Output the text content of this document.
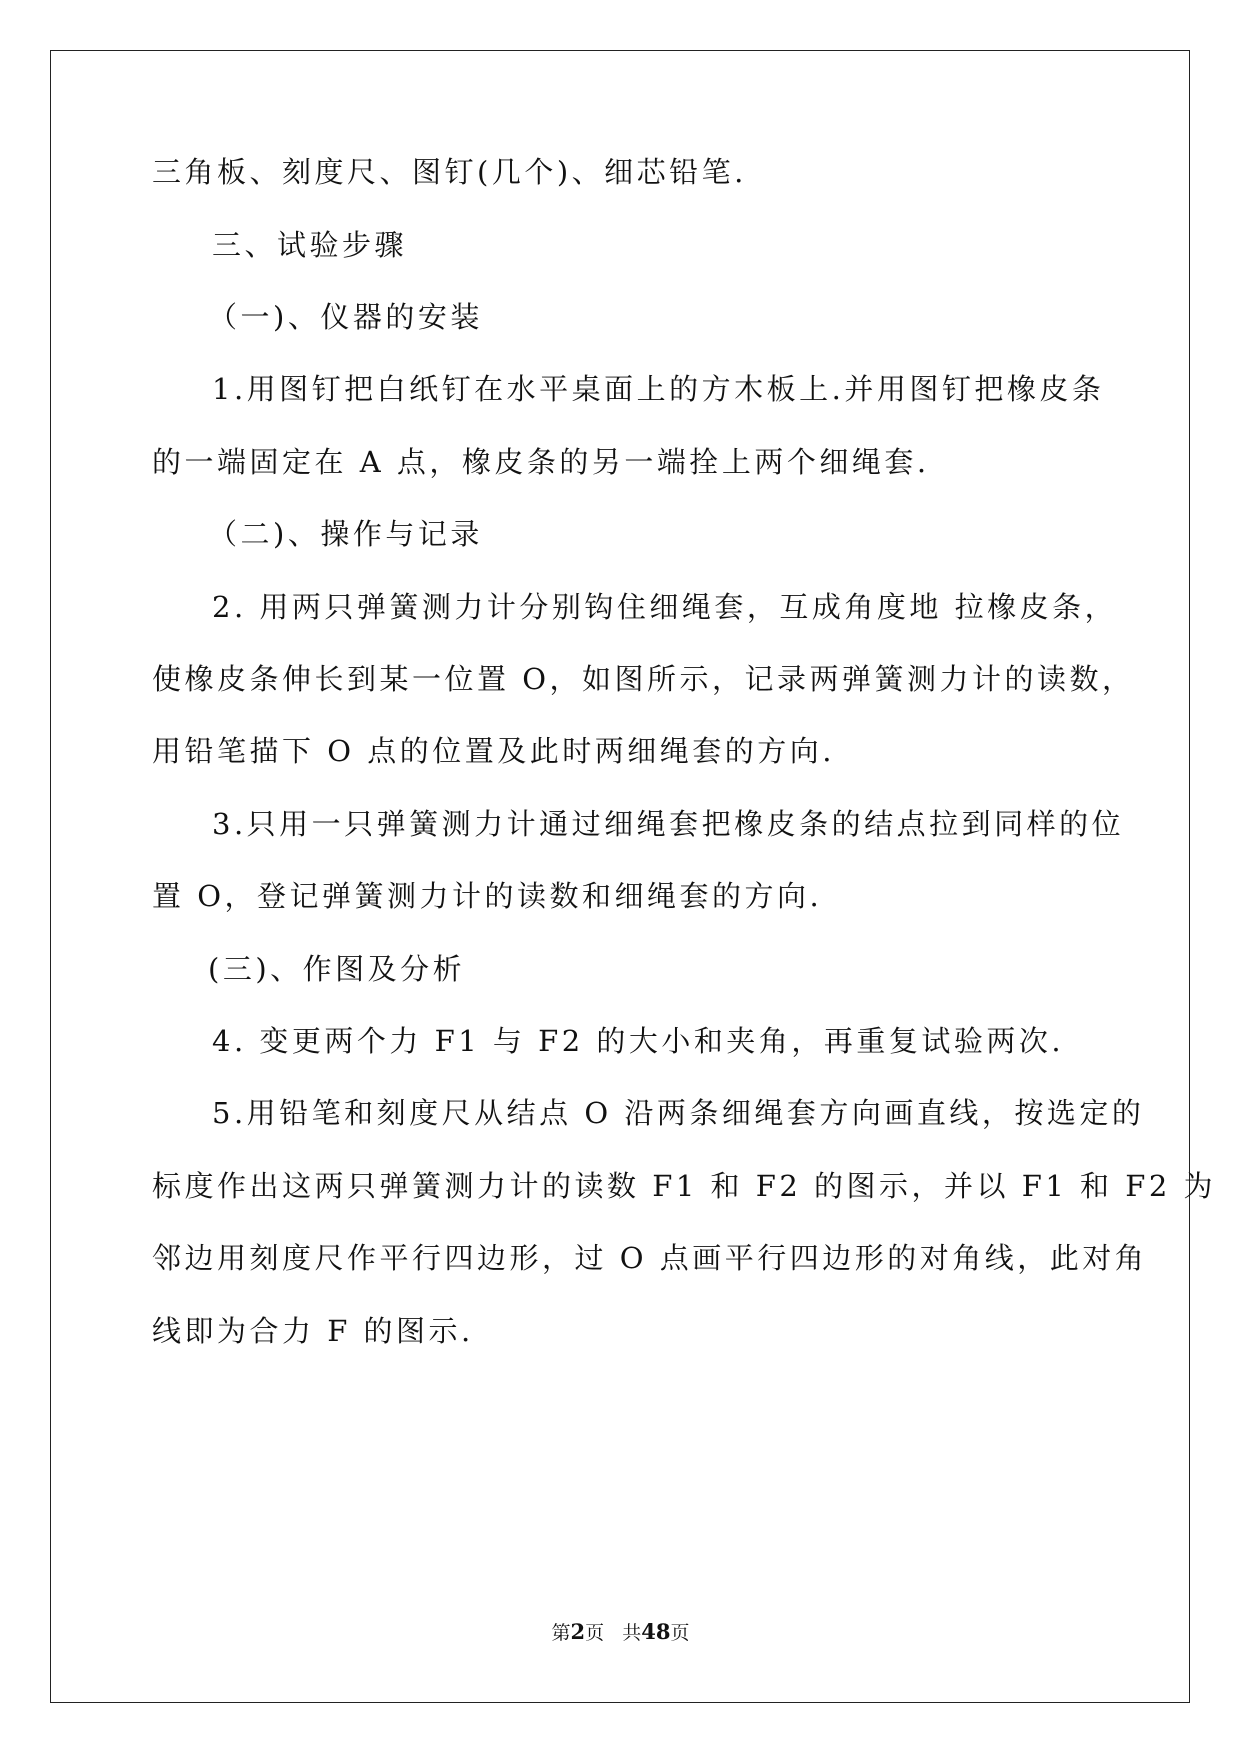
三角板、刻度尺、图钉(几个)、细芯铅笔.
三、试验步骤
（一)、仪器的安装
1.用图钉把白纸钉在水平桌面上的方木板上.并用图钉把橡皮条
的一端固定在 A 点，橡皮条的另一端拴上两个细绳套.
（二)、操作与记录
2. 用两只弹簧测力计分别钩住细绳套，互成角度地 拉橡皮条，
使橡皮条伸长到某一位置 O，如图所示，记录两弹簧测力计的读数，
用铅笔描下 O 点的位置及此时两细绳套的方向.
3.只用一只弹簧测力计通过细绳套把橡皮条的结点拉到同样的位
置 O，登记弹簧测力计的读数和细绳套的方向.
(三)、作图及分析
4. 变更两个力 F1 与 F2 的大小和夹角，再重复试验两次.
5.用铅笔和刻度尺从结点 O 沿两条细绳套方向画直线，按选定的
标度作出这两只弹簧测力计的读数 F1 和 F2 的图示，并以 F1 和 F2 为
邻边用刻度尺作平行四边形，过 O 点画平行四边形的对角线，此对角
线即为合力 F 的图示.
第2页   共48页
